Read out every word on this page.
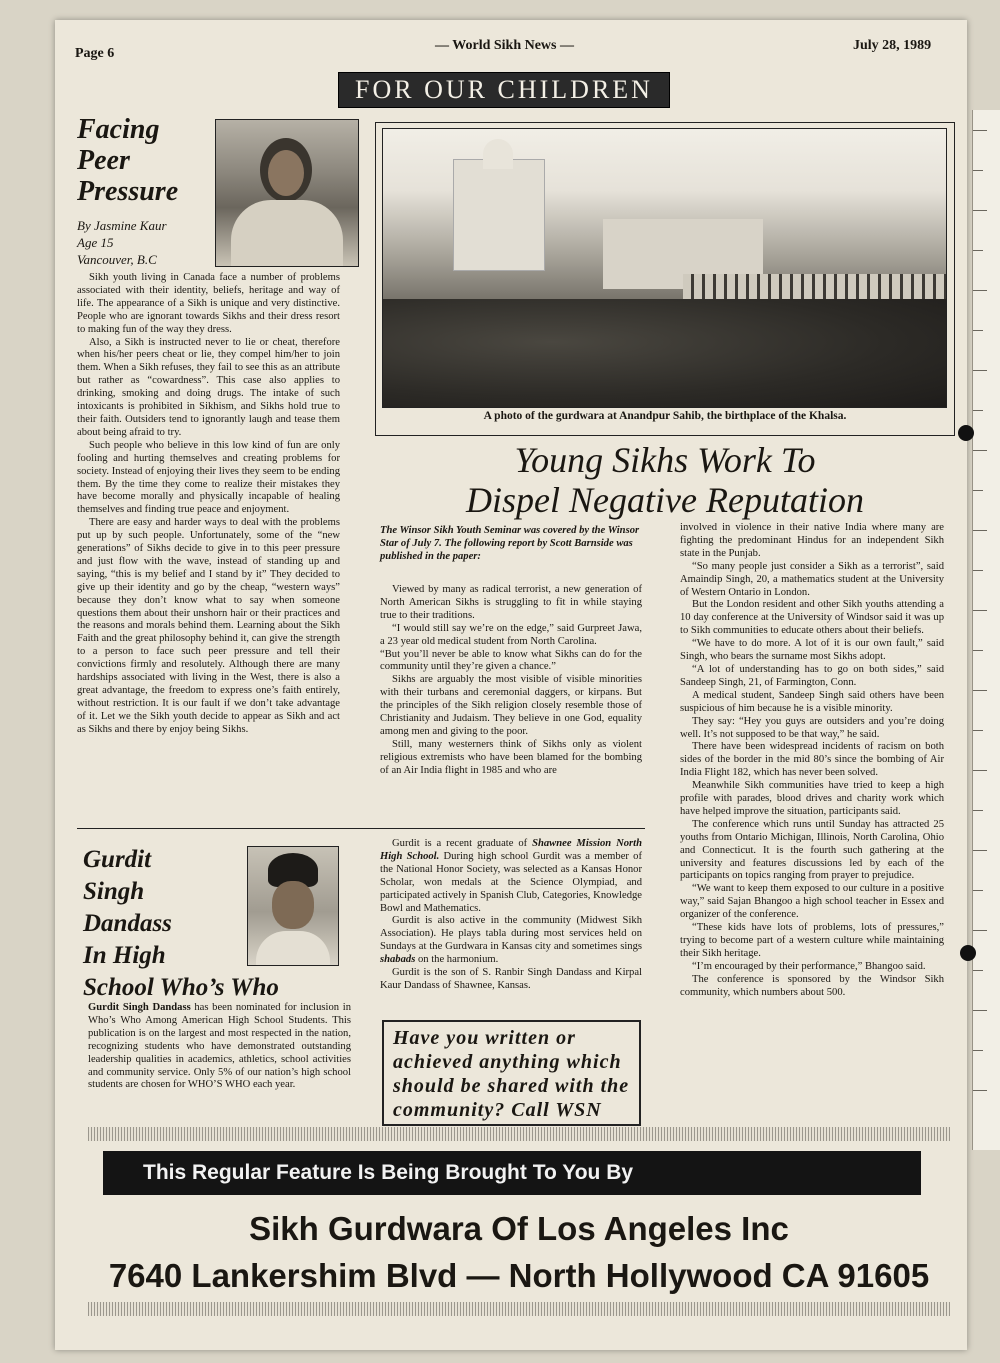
Page 6
— World Sikh News —	July 28, 1989
FOR OUR CHILDREN
Facing
Peer
Pressure
By Jasmine Kaur
Age 15
Vancouver, B.C

Sikh youth living in Canada face a number of problems associated with their identity, beliefs, heritage and way of life. The appearance of a Sikh is unique and very distinctive. People who are ignorant towards Sikhs and their dress resort to making fun of the way they dress.

Also, a Sikh is instructed never to lie or cheat, therefore when his/her peers cheat or lie, they compel him/her to join them. When a Sikh refuses, they fail to see this as an attribute but rather as “cowardness”. This case also applies to drinking, smoking and doing drugs. The intake of such intoxicants is prohibited in Sikhism, and Sikhs hold true to their faith. Outsiders tend to ignorantly laugh and tease them about being afraid to try.

Such people who believe in this low kind of fun are only fooling and hurting themselves and creating problems for society. Instead of enjoying their lives they seem to be ending them. By the time they come to realize their mistakes they have become morally and physically incapable of healing themselves and finding true peace and enjoyment.

There are easy and harder ways to deal with the problems put up by such people. Unfortunately, some of the “new generations” of Sikhs decide to give in to this peer pressure and just flow with the wave, instead of standing up and saying, “this is my belief and I stand by it” They decided to give up their identity and go by the cheap, “western ways” because they don’t know what to say when someone questions them about their unshorn hair or their practices and the reasons and morals behind them. Learning about the Sikh Faith and the great philosophy behind it, can give the strength to a person to face such peer pressure and tell their convictions firmly and resolutely. Although there are many hardships associated with living in the West, there is also a great advantage, the freedom to express one’s faith entirely, without restriction. It is our fault if we don’t take advantage of it. Let we the Sikh youth decide to appear as Sikh and act as Sikhs and there by enjoy being Sikhs.

A photo of the gurdwara at Anandpur Sahib, the birthplace of the Khalsa.
Young Sikhs Work To
Dispel Negative Reputation
The Winsor Sikh Youth Seminar was covered by the Winsor Star of July 7. The following report by Scott Barnside was published in the paper:

Viewed by many as radical terrorist, a new generation of North American Sikhs is struggling to fit in while staying true to their traditions.

“I would still say we’re on the edge,” said Gurpreet Jawa, a 23 year old medical student from North Carolina.

“But you’ll never be able to know what Sikhs can do for the community until they’re given a chance.”

Sikhs are arguably the most visible of visible minorities with their turbans and ceremonial daggers, or kirpans. But the principles of the Sikh religion closely resemble those of Christianity and Judaism. They believe in one God, equality among men and giving to the poor.

Still, many westerners think of Sikhs only as violent religious extremists who have been blamed for the bombing of an Air India flight in 1985 and who are

involved in violence in their native India where many are fighting the predominant Hindus for an independent Sikh state in the Punjab.

“So many people just consider a Sikh as a terrorist”, said Amaindip Singh, 20, a mathematics student at the University of Western Ontario in London.

But the London resident and other Sikh youths attending a 10 day conference at the University of Windsor said it was up to Sikh communities to educate others about their beliefs.

“We have to do more. A lot of it is our own fault,” said Singh, who bears the surname most Sikhs adopt.

“A lot of understanding has to go on both sides,” said Sandeep Singh, 21, of Farmington, Conn.

A medical student, Sandeep Singh said others have been suspicious of him because he is a visible minority.

They say: “Hey you guys are outsiders and you’re doing well. It’s not supposed to be that way,” he said.

There have been widespread incidents of racism on both sides of the border in the mid 80’s since the bombing of Air India Flight 182, which has never been solved.

Meanwhile Sikh communities have tried to keep a high profile with parades, blood drives and charity work which have helped improve the situation, participants said.

The conference which runs until Sunday has attracted 25 youths from Ontario Michigan, Illinois, North Carolina, Ohio and Connecticut. It is the fourth such gathering at the university and features discussions led by each of the participants on topics ranging from prayer to prejudice.

“We want to keep them exposed to our culture in a positive way,” said Sajan Bhangoo a high school teacher in Essex and organizer of the conference.

“These kids have lots of problems, lots of pressures,” trying to become part of a western culture while maintaining their Sikh heritage.

“I’m encouraged by their performance,” Bhangoo said.

The conference is sponsored by the Windsor Sikh community, which numbers about 500.

Gurdit
Singh
Dandass
In High
School Who’s Who

Gurdit Singh Dandass has been nominated for inclusion in Who’s Who Among American High School Students. This publication is on the largest and most respected in the nation, recognizing students who have demonstrated outstanding leadership qualities in academics, athletics, school activities and community service. Only 5% of our nation’s high school students are chosen for WHO’S WHO each year.

Gurdit is a recent graduate of Shawnee Mission North High School. During high school Gurdit was a member of the National Honor Society, was selected as a Kansas Honor Scholar, won medals at the Science Olympiad, and participated actively in Spanish Club, Categories, Knowledge Bowl and Mathematics.

Gurdit is also active in the community (Midwest Sikh Association). He plays tabla during most services held on Sundays at the Gurdwara in Kansas city and sometimes sings shabads on the harmonium.

Gurdit is the son of S. Ranbir Singh Dandass and Kirpal Kaur Dandass of Shawnee, Kansas.

Have you written or
achieved anything which
should be shared with the
community? Call WSN
This Regular Feature Is Being Brought To You By
Sikh Gurdwara Of Los Angeles Inc
7640 Lankershim Blvd — North Hollywood CA 91605
